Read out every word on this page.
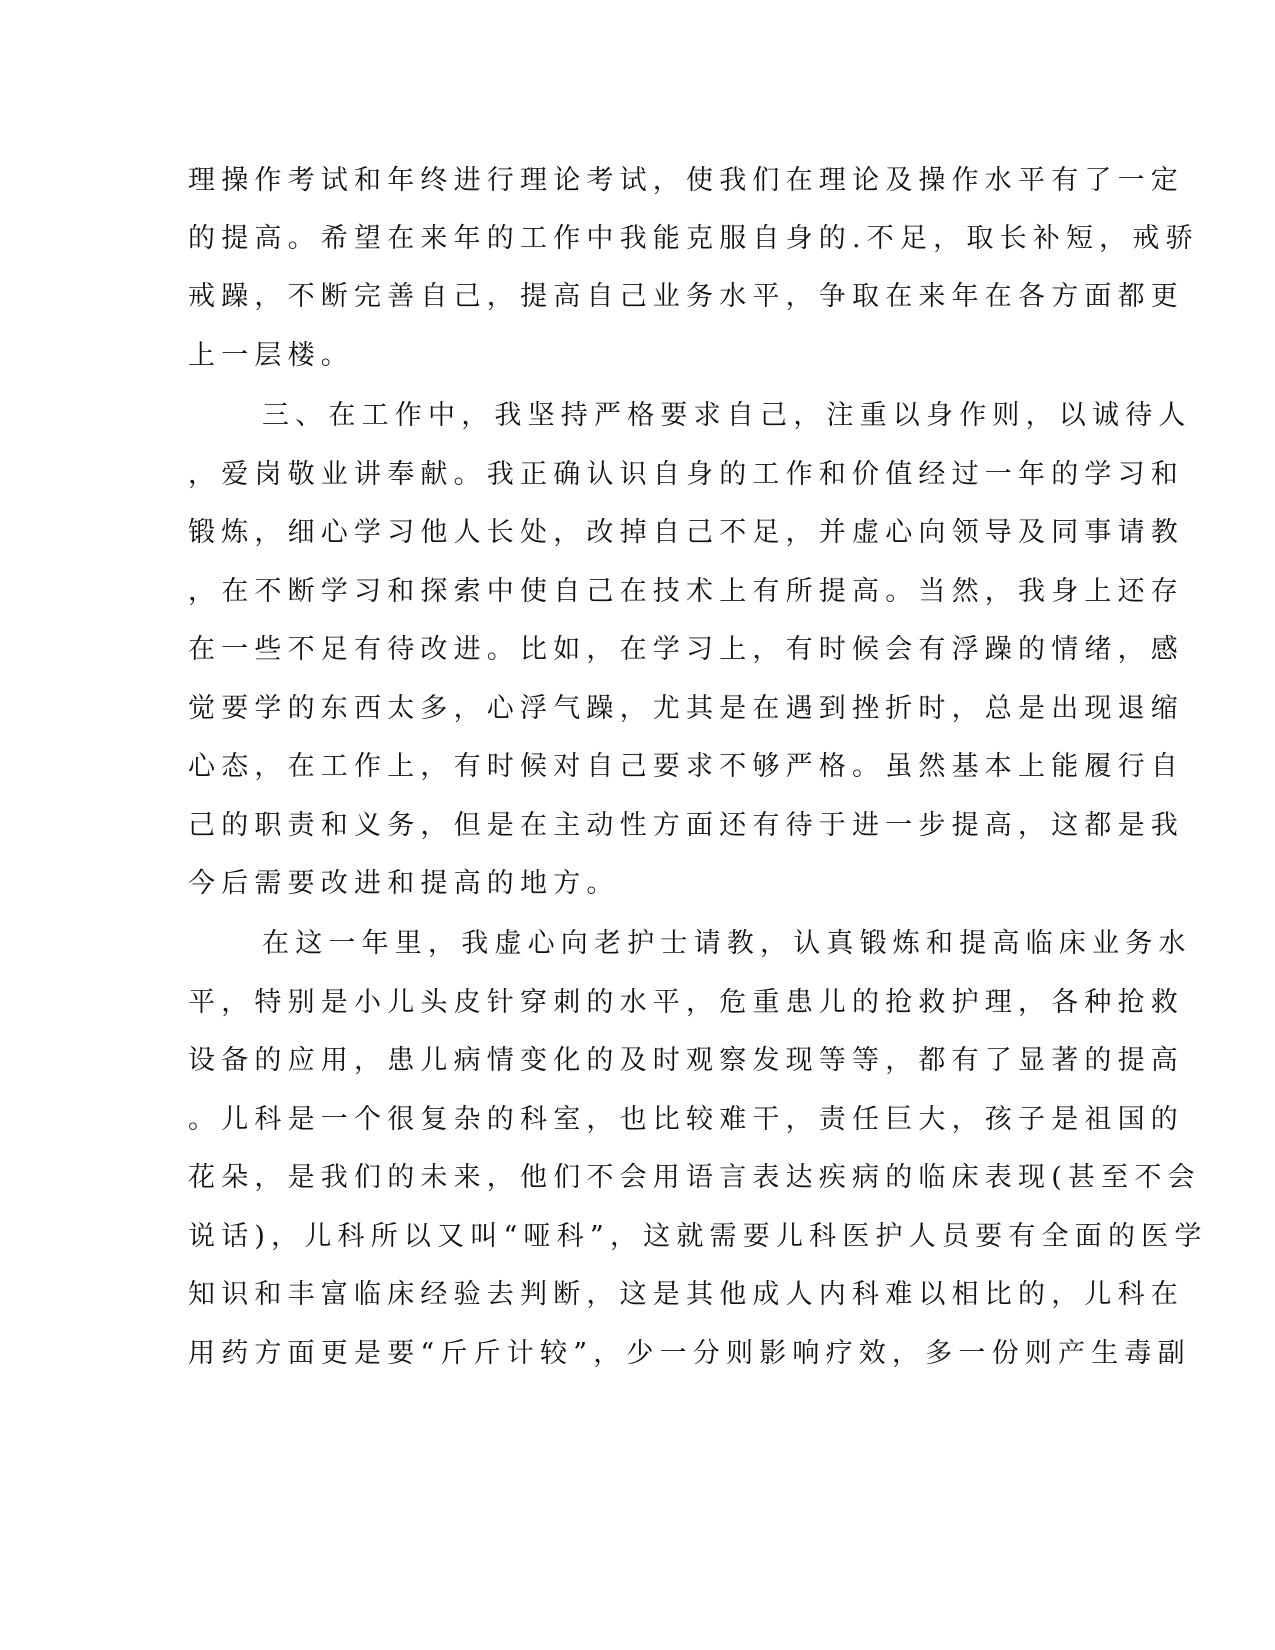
理操作考试和年终进行理论考试，使我们在理论及操作水平有了一定
的提高。希望在来年的工作中我能克服自身的.不足，取长补短，戒骄
戒躁，不断完善自己，提高自己业务水平，争取在来年在各方面都更
上一层楼。
三、在工作中，我坚持严格要求自己，注重以身作则，以诚待人
，爱岗敬业讲奉献。我正确认识自身的工作和价值经过一年的学习和
锻炼，细心学习他人长处，改掉自己不足，并虚心向领导及同事请教
，在不断学习和探索中使自己在技术上有所提高。当然，我身上还存
在一些不足有待改进。比如，在学习上，有时候会有浮躁的情绪，感
觉要学的东西太多，心浮气躁，尤其是在遇到挫折时，总是出现退缩
心态，在工作上，有时候对自己要求不够严格。虽然基本上能履行自
己的职责和义务，但是在主动性方面还有待于进一步提高，这都是我
今后需要改进和提高的地方。
在这一年里，我虚心向老护士请教，认真锻炼和提高临床业务水
平，特别是小儿头皮针穿刺的水平，危重患儿的抢救护理，各种抢救
设备的应用，患儿病情变化的及时观察发现等等，都有了显著的提高
。儿科是一个很复杂的科室，也比较难干，责任巨大，孩子是祖国的
花朵，是我们的未来，他们不会用语言表达疾病的临床表现(甚至不会
说话)，儿科所以又叫“哑科”，这就需要儿科医护人员要有全面的医学
知识和丰富临床经验去判断，这是其他成人内科难以相比的，儿科在
用药方面更是要“斤斤计较”，少一分则影响疗效，多一份则产生毒副
